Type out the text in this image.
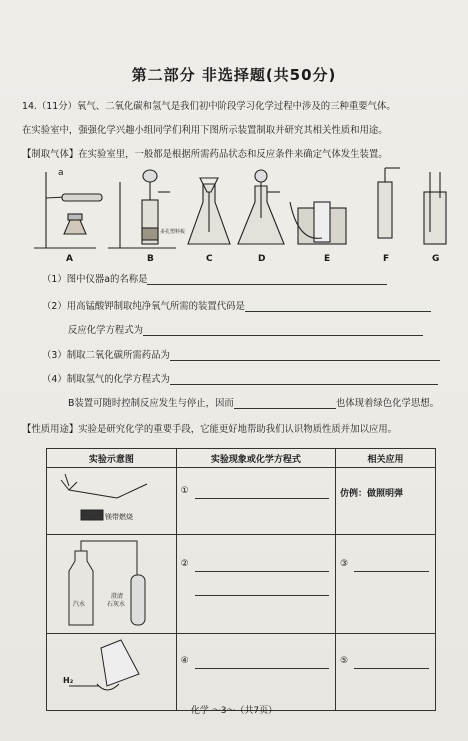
第二部分 非选择题(共50分)
14.（11分）氧气、二氧化碳和氢气是我们初中阶段学习化学过程中涉及的三种重要气体。
在实验室中，强强化学兴趣小组同学们利用下图所示装置制取并研究其相关性质和用途。
【制取气体】在实验室里，一般都是根据所需药品状态和反应条件来确定气体发生装置。
a
多孔塑料板
A	B	C	D	E	F	G
（1）图中仪器a的名称是
（2）用高锰酸钾制取纯净氧气所需的装置代码是
反应化学方程式为
（3）制取二氧化碳所需药品为
（4）制取氢气的化学方程式为
B装置可随时控制反应发生与停止，因而	也体现着绿色化学思想。
【性质用途】实验是研究化学的重要手段，它能更好地帮助我们认识物质性质并加以应用。
实验示意图	实验现象或化学方程式	相关应用

镁带燃烧	①	仿例：做照明弹

汽水
澄清
石灰水	②	③

H₂	④	⑤
化学 ～3～（共7页）
